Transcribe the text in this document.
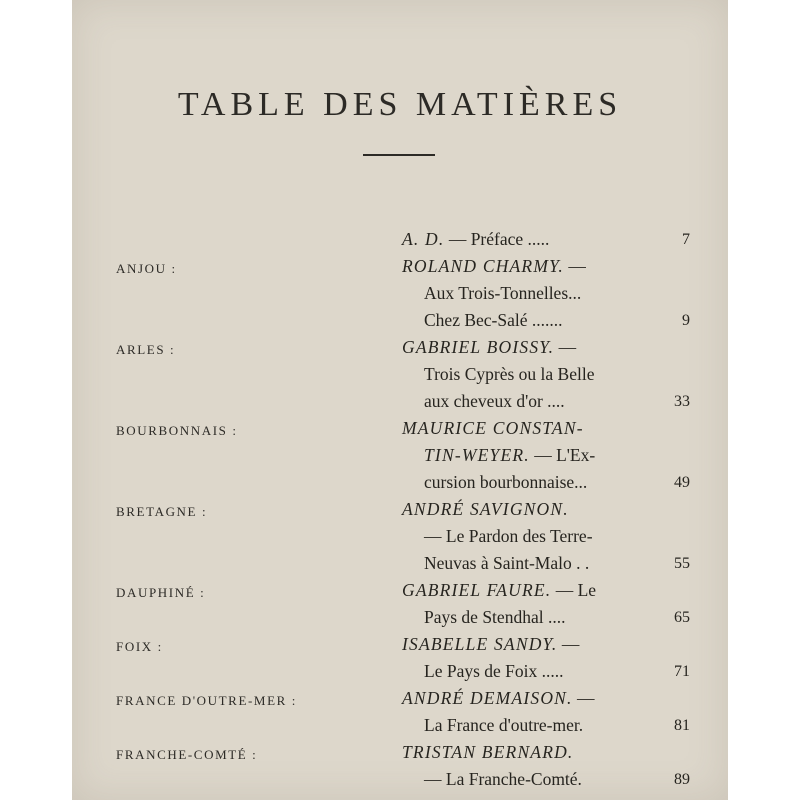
TABLE DES MATIÈRES
A. D. — Préface .....	7
ANJOU :	ROLAND CHARMY. —
Aux Trois-Tonnelles...
Chez Bec-Salé .......	9
ARLES :	GABRIEL BOISSY. —
Trois Cyprès ou la Belle
aux cheveux d'or ....	33
BOURBONNAIS :	MAURICE CONSTAN-
TIN-WEYER. — L'Ex-
cursion bourbonnaise...	49
BRETAGNE :	ANDRÉ SAVIGNON.
— Le Pardon des Terre-
Neuvas à Saint-Malo . .	55
DAUPHINÉ :	GABRIEL FAURE. — Le
Pays de Stendhal ....	65
FOIX :	ISABELLE SANDY. —
Le Pays de Foix .....	71
FRANCE D'OUTRE-MER :	ANDRÉ DEMAISON. —
La France d'outre-mer.	81
FRANCHE-COMTÉ :	TRISTAN BERNARD.
— La Franche-Comté.	89
